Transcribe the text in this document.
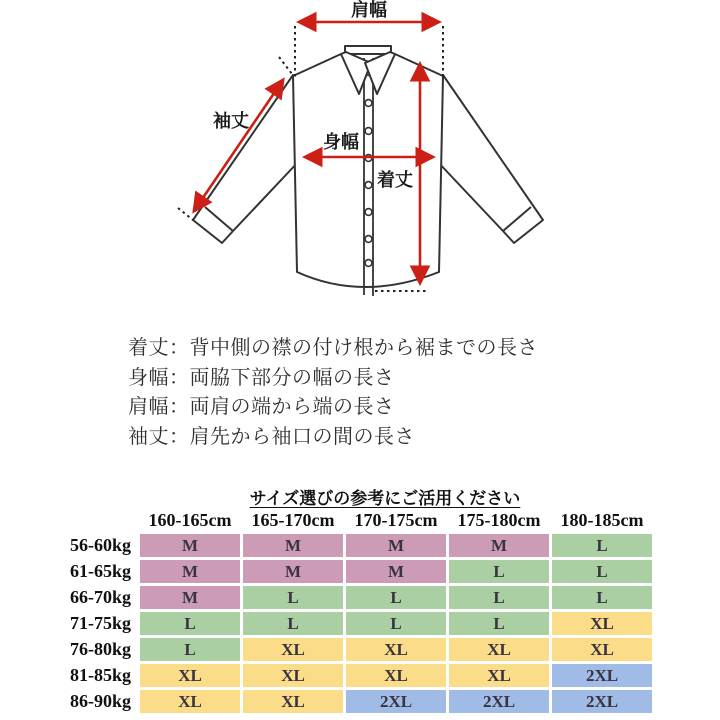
肩幅
袖丈
身幅
着丈
着丈：背中側の襟の付け根から裾までの長さ
身幅：両脇下部分の幅の長さ
肩幅：両肩の端から端の長さ
袖丈：肩先から袖口の間の長さ
サイズ選びの参考にご活用ください
	160-165cm	165-170cm	170-175cm	175-180cm	180-185cm
56-60kg	M	M	M	M	L
61-65kg	M	M	M	L	L
66-70kg	M	L	L	L	L
71-75kg	L	L	L	L	XL
76-80kg	L	XL	XL	XL	XL
81-85kg	XL	XL	XL	XL	2XL
86-90kg	XL	XL	2XL	2XL	2XL
